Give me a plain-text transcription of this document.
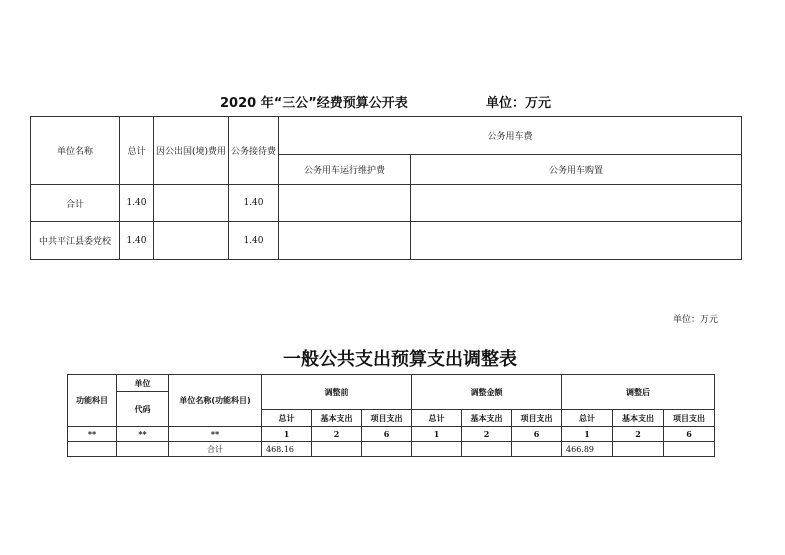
2020 年“三公”经费预算公开表	单位：万元
单位名称	总计	因公出国(境)费用	公务接待费	公务用车费	
				公务用车运行维护费	公务用车购置
合计	1.40		1.40		
中共平江县委党校	1.40		1.40		
单位：万元
一般公共支出预算支出调整表
功能科目	单位	单位名称(功能科目)	调整前			调整金额			调整后		
	代码										
			总计	基本支出	项目支出	总计	基本支出	项目支出	总计	基本支出	项目支出
**	**	**	1	2	6	1	2	6	1	2	6
		合计	468.16						466.89		
